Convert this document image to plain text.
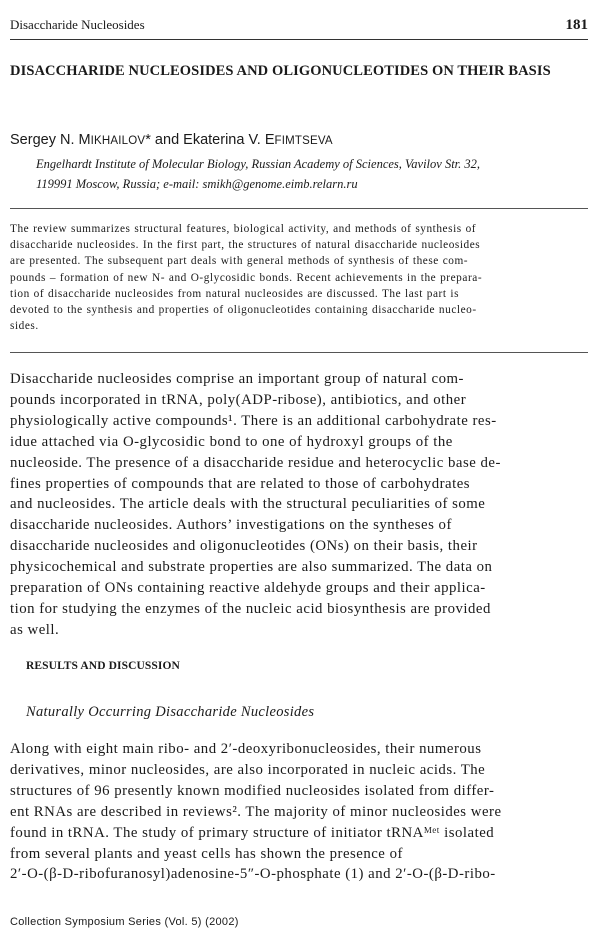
Disaccharide Nucleosides	181
DISACCHARIDE NUCLEOSIDES AND OLIGONUCLEOTIDES ON THEIR BASIS
Sergey N. MIKHAILOV* and Ekaterina V. EFIMTSEVA
Engelhardt Institute of Molecular Biology, Russian Academy of Sciences, Vavilov Str. 32,
119991 Moscow, Russia; e-mail: smikh@genome.eimb.relarn.ru
The review summarizes structural features, biological activity, and methods of synthesis of
disaccharide nucleosides. In the first part, the structures of natural disaccharide nucleosides
are presented. The subsequent part deals with general methods of synthesis of these com-
pounds – formation of new N- and O-glycosidic bonds. Recent achievements in the prepara-
tion of disaccharide nucleosides from natural nucleosides are discussed. The last part is
devoted to the synthesis and properties of oligonucleotides containing disaccharide nucleo-
sides.
Disaccharide nucleosides comprise an important group of natural com-
pounds incorporated in tRNA, poly(ADP-ribose), antibiotics, and other
physiologically active compounds¹. There is an additional carbohydrate res-
idue attached via O-glycosidic bond to one of hydroxyl groups of the
nucleoside. The presence of a disaccharide residue and heterocyclic base de-
fines properties of compounds that are related to those of carbohydrates
and nucleosides. The article deals with the structural peculiarities of some
disaccharide nucleosides. Authors’ investigations on the syntheses of
disaccharide nucleosides and oligonucleotides (ONs) on their basis, their
physicochemical and substrate properties are also summarized. The data on
preparation of ONs containing reactive aldehyde groups and their applica-
tion for studying the enzymes of the nucleic acid biosynthesis are provided
as well.
RESULTS AND DISCUSSION
Naturally Occurring Disaccharide Nucleosides
Along with eight main ribo- and 2′-deoxyribonucleosides, their numerous
derivatives, minor nucleosides, are also incorporated in nucleic acids. The
structures of 96 presently known modified nucleosides isolated from differ-
ent RNAs are described in reviews². The majority of minor nucleosides were
found in tRNA. The study of primary structure of initiator tRNAᴹᵉᵗ isolated
from several plants and yeast cells has shown the presence of
2′-O-(β-D-ribofuranosyl)adenosine-5″-O-phosphate (1) and 2′-O-(β-D-ribo-
Collection Symposium Series (Vol. 5) (2002)
